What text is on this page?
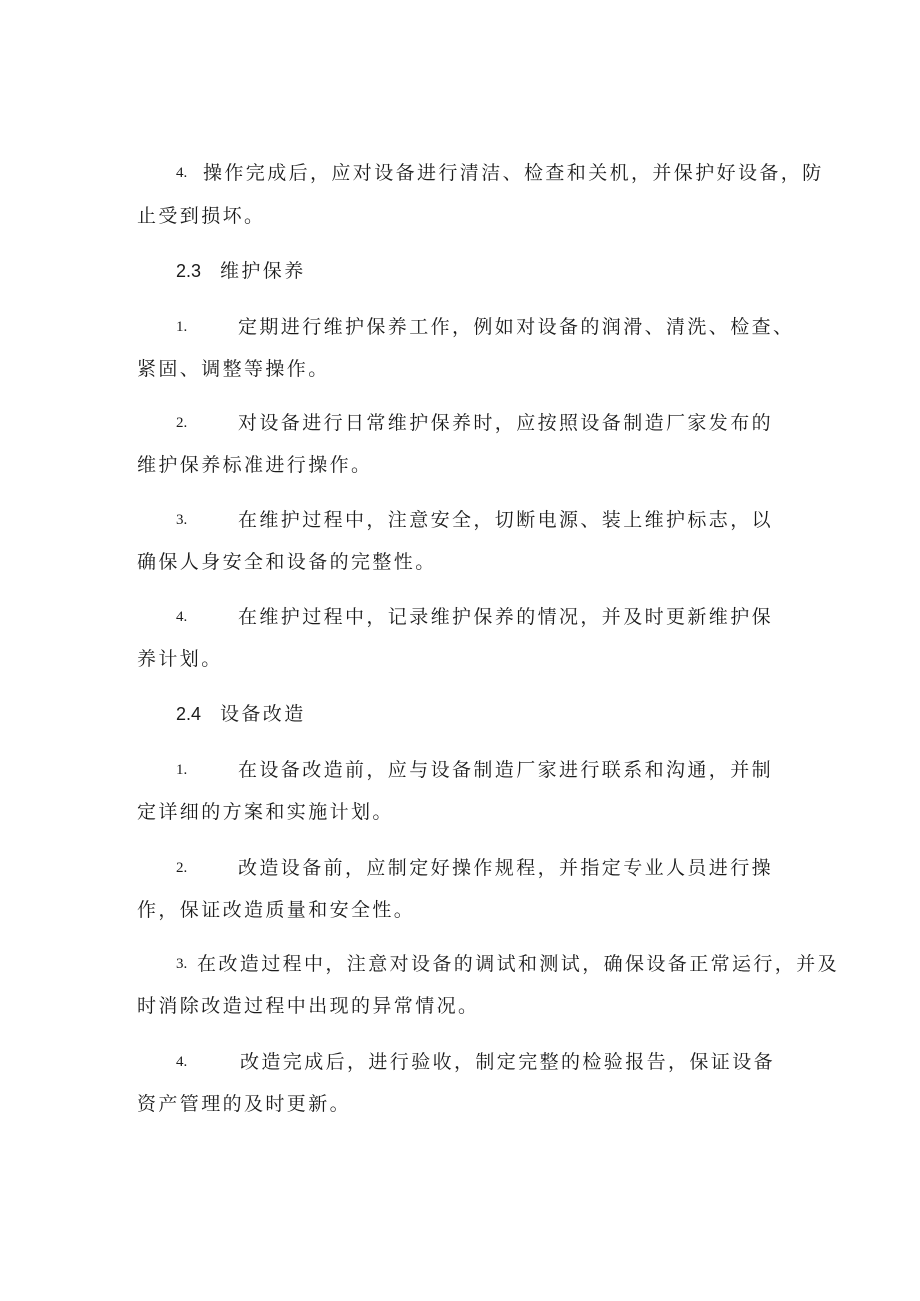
4. 操作完成后，应对设备进行清洁、检查和关机，并保护好设备，防
止受到损坏。
2.3 维护保养
1.	定期进行维护保养工作，例如对设备的润滑、清洗、检查、
紧固、调整等操作。
2.	对设备进行日常维护保养时，应按照设备制造厂家发布的
维护保养标准进行操作。
3.	在维护过程中，注意安全，切断电源、装上维护标志，以
确保人身安全和设备的完整性。
4.	在维护过程中，记录维护保养的情况，并及时更新维护保
养计划。
2.4 设备改造
1.	在设备改造前，应与设备制造厂家进行联系和沟通，并制
定详细的方案和实施计划。
2.	改造设备前，应制定好操作规程，并指定专业人员进行操
作，保证改造质量和安全性。
3. 在改造过程中，注意对设备的调试和测试，确保设备正常运行，并及
时消除改造过程中出现的异常情况。
4.	改造完成后，进行验收，制定完整的检验报告，保证设备
资产管理的及时更新。
